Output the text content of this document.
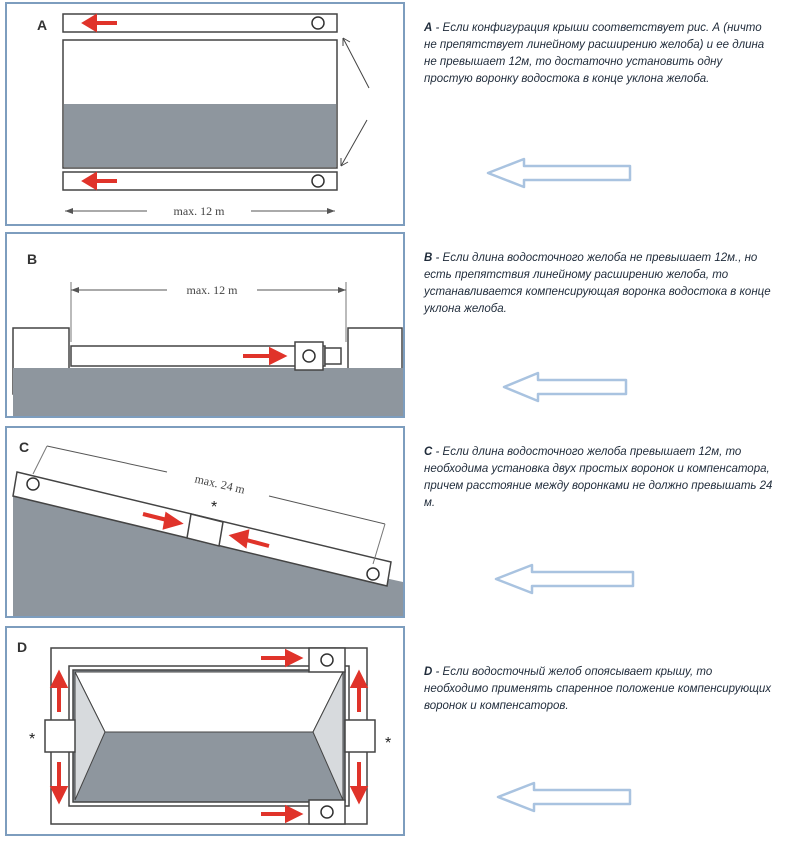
A
max. 12 m
B
max. 12 m
C
*
max. 24 m
D
*	*

A - Если конфигурация крыши соответствует рис. А (ничто не препятствует линейному расширению желоба) и ее длина не превышает 12м, то достаточно установить одну простую воронку водостока в конце уклона желоба.

B - Если длина водосточного желоба не превышает 12м., но есть препятствия линейному расширению желоба, то устанавливается компенсирующая воронка водостока в конце уклона желоба.

C - Если длина водосточного желоба превышает 12м, то необходима установка двух простых воронок и компенсатора, причем расстояние между воронками не должно превышать 24 м.

D - Если водосточный желоб опоясывает крышу, то необходимо применять спаренное положение компенсирующих воронок и компенсаторов.
